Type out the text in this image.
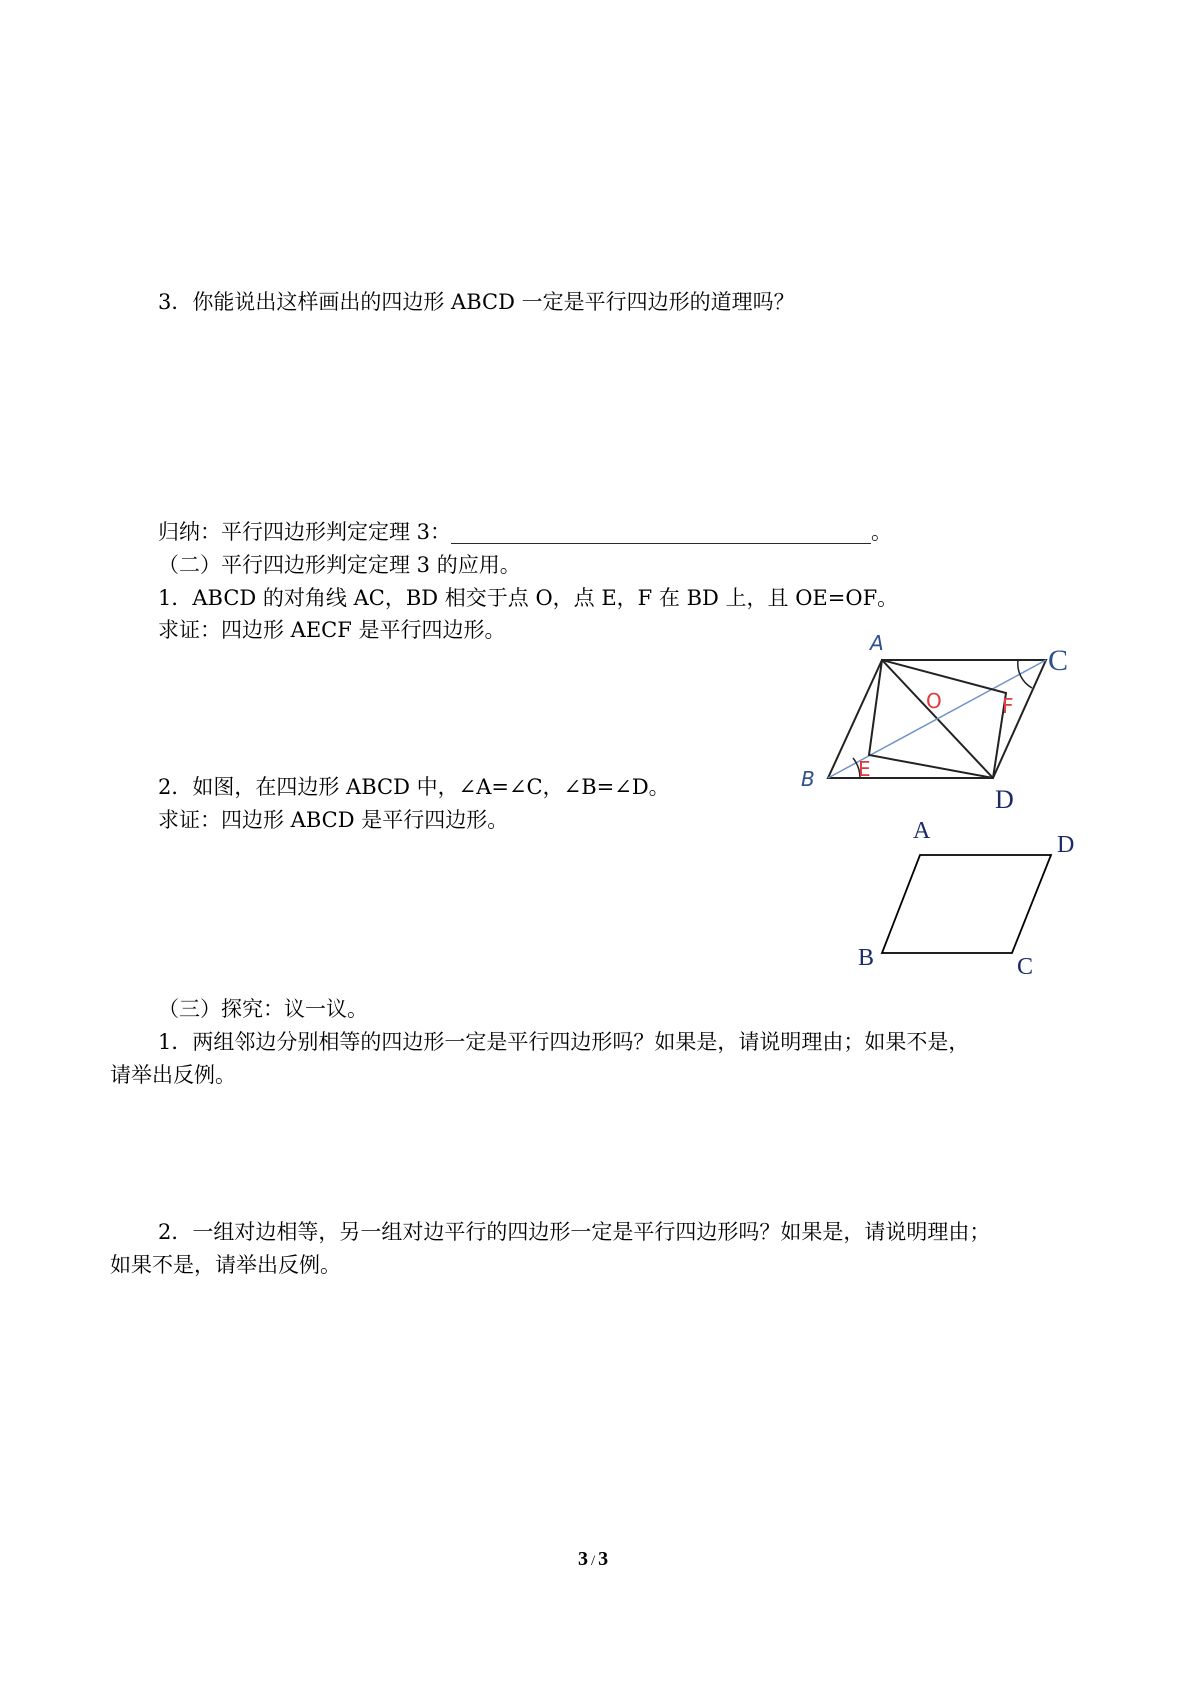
3．你能说出这样画出的四边形 ABCD 一定是平行四边形的道理吗？
归纳：平行四边形判定定理 3：________________________________________。
（二）平行四边形判定定理 3 的应用。
1．ABCD 的对角线 AC，BD 相交于点 O，点 E，F 在 BD 上，且 OE=OF。
求证：四边形 AECF 是平行四边形。
2．如图，在四边形 ABCD 中，∠A=∠C，∠B=∠D。
求证：四边形 ABCD 是平行四边形。
（三）探究：议一议。
1．两组邻边分别相等的四边形一定是平行四边形吗？如果是，请说明理由；如果不是，
请举出反例。
2．一组对边相等，另一组对边平行的四边形一定是平行四边形吗？如果是，请说明理由；
如果不是，请举出反例。
3 / 3
A
B
C
D
O
E
F
A
B	C
D
